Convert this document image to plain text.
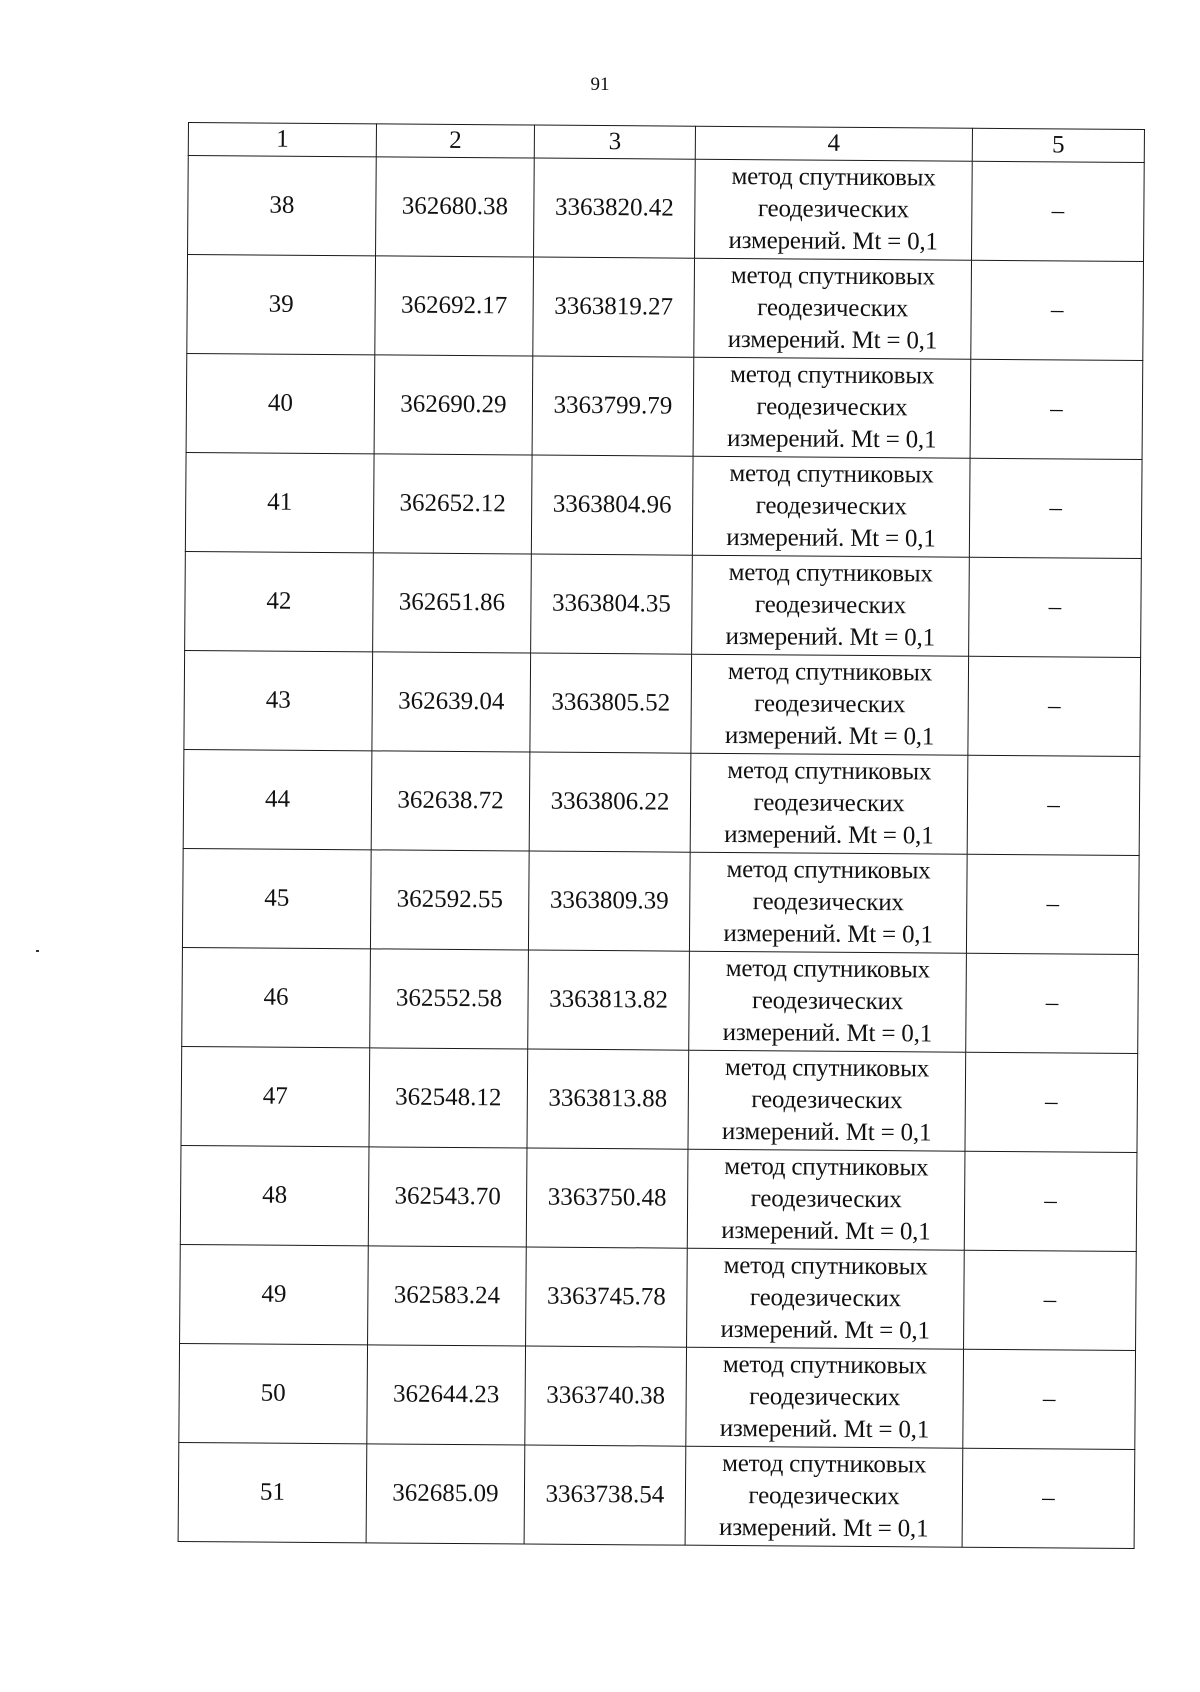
91
1	2	3	4	5
38	362680.38	3363820.42	метод спутниковых
геодезических
измерений. Mt = 0,1	–
39	362692.17	3363819.27	метод спутниковых
геодезических
измерений. Mt = 0,1	–
40	362690.29	3363799.79	метод спутниковых
геодезических
измерений. Mt = 0,1	–
41	362652.12	3363804.96	метод спутниковых
геодезических
измерений. Mt = 0,1	–
42	362651.86	3363804.35	метод спутниковых
геодезических
измерений. Mt = 0,1	–
43	362639.04	3363805.52	метод спутниковых
геодезических
измерений. Mt = 0,1	–
44	362638.72	3363806.22	метод спутниковых
геодезических
измерений. Mt = 0,1	–
45	362592.55	3363809.39	метод спутниковых
геодезических
измерений. Mt = 0,1	–
46	362552.58	3363813.82	метод спутниковых
геодезических
измерений. Mt = 0,1	–
47	362548.12	3363813.88	метод спутниковых
геодезических
измерений. Mt = 0,1	–
48	362543.70	3363750.48	метод спутниковых
геодезических
измерений. Mt = 0,1	–
49	362583.24	3363745.78	метод спутниковых
геодезических
измерений. Mt = 0,1	–
50	362644.23	3363740.38	метод спутниковых
геодезических
измерений. Mt = 0,1	–
51	362685.09	3363738.54	метод спутниковых
геодезических
измерений. Mt = 0,1	–
